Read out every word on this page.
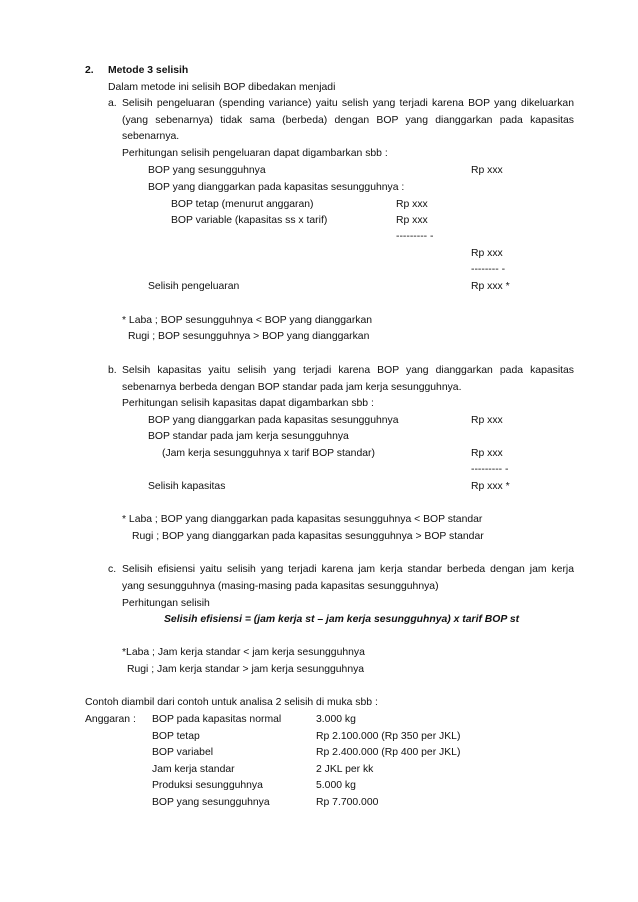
2. Metode 3 selisih
Dalam metode ini selisih BOP dibedakan menjadi
a. Selisih pengeluaran (spending variance) yaitu selish yang terjadi karena BOP yang dikeluarkan
(yang sebenarnya) tidak sama (berbeda) dengan BOP yang dianggarkan pada kapasitas
sebenarnya.
Perhitungan selisih pengeluaran dapat digambarkan sbb :
BOP yang sesungguhnya	Rp xxx
BOP yang dianggarkan pada kapasitas sesungguhnya :
BOP tetap (menurut anggaran)	Rp xxx
BOP variable (kapasitas ss x tarif)	Rp xxx
--------- -
Rp xxx
-------- -
Selisih pengeluaran	Rp xxx *
* Laba ; BOP sesungguhnya < BOP yang dianggarkan
Rugi ; BOP sesungguhnya > BOP yang dianggarkan
b. Selsih kapasitas yaitu selisih yang terjadi karena BOP yang dianggarkan pada kapasitas
sebenarnya berbeda dengan BOP standar pada jam kerja sesungguhnya.
Perhitungan selisih kapasitas dapat digambarkan sbb :
BOP yang dianggarkan pada kapasitas sesungguhnya	Rp xxx
BOP standar pada jam kerja sesungguhnya
(Jam kerja sesungguhnya x tarif BOP standar)	Rp xxx
--------- -
Selisih kapasitas	Rp xxx *
* Laba ; BOP yang dianggarkan pada kapasitas sesungguhnya < BOP standar
Rugi ; BOP yang dianggarkan pada kapasitas sesungguhnya > BOP standar
c. Selisih efisiensi yaitu selisih yang terjadi karena jam kerja standar berbeda dengan jam kerja
yang sesungguhnya (masing-masing pada kapasitas sesungguhnya)
Perhitungan selisih
Selisih efisiensi = (jam kerja st – jam kerja sesungguhnya) x tarif BOP st
*Laba ; Jam kerja standar < jam kerja sesungguhnya
Rugi ; Jam kerja standar > jam kerja sesungguhnya
Contoh diambil dari contoh untuk analisa 2 selisih di muka sbb :
Anggaran : BOP pada kapasitas normal	3.000 kg
BOP tetap	Rp 2.100.000 (Rp 350 per JKL)
BOP variabel	Rp 2.400.000 (Rp 400 per JKL)
Jam kerja standar	2 JKL per kk
Produksi sesungguhnya	5.000 kg
BOP yang sesungguhnya	Rp 7.700.000
